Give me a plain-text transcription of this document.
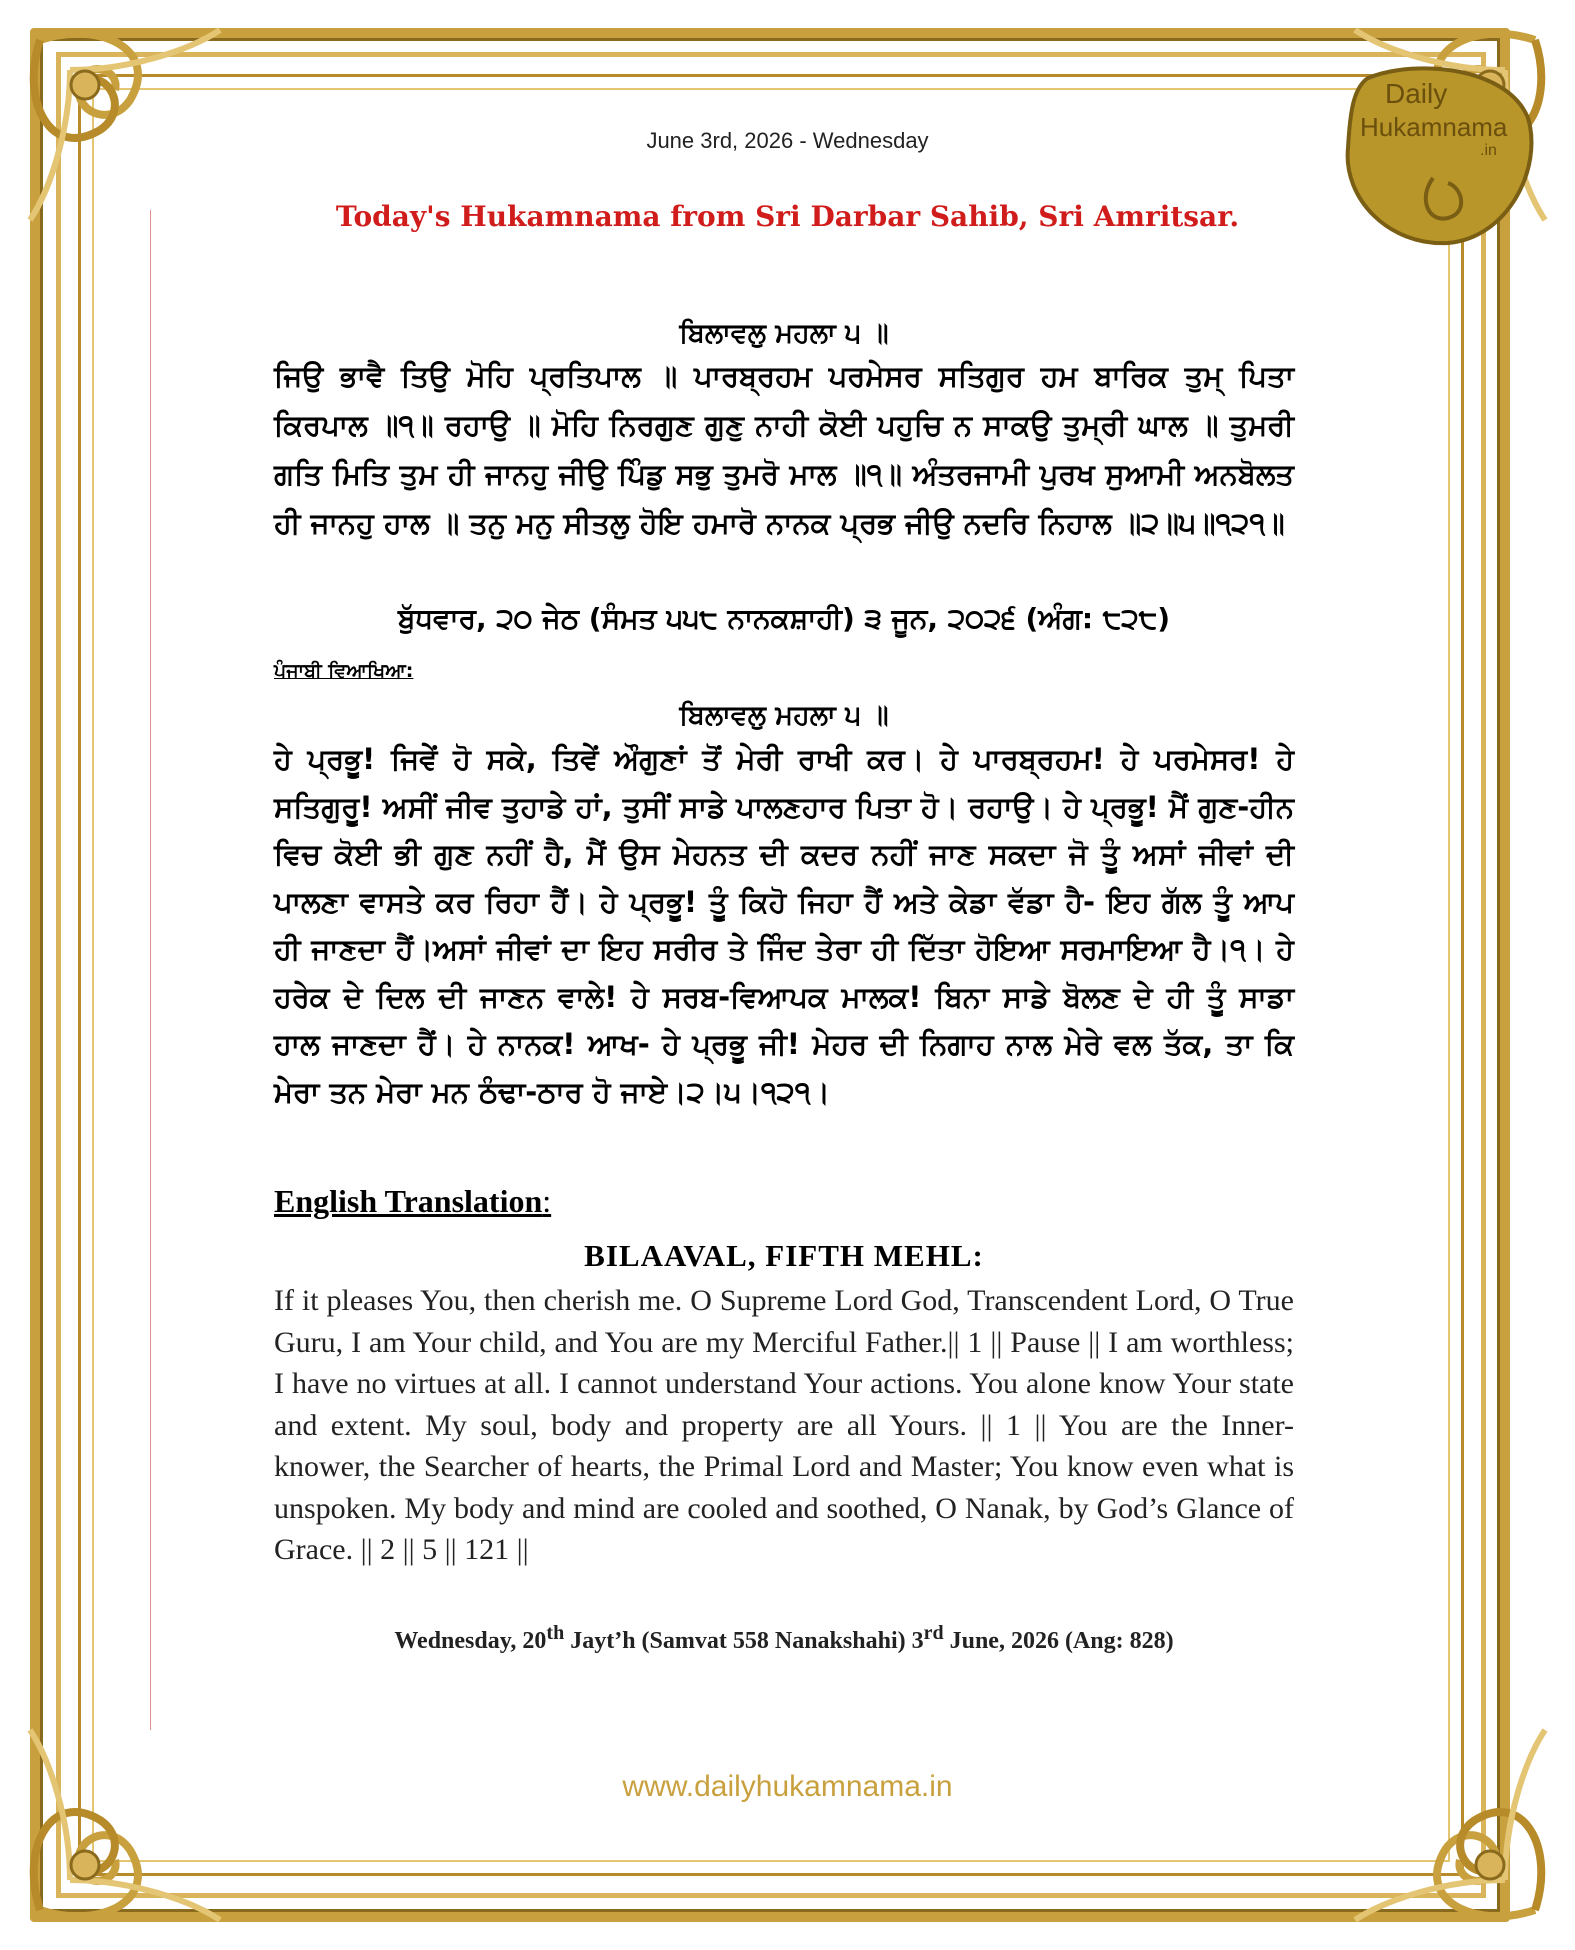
Daily
Hukamnama
.in
June 3rd, 2026 - Wednesday
Today's Hukamnama from Sri Darbar Sahib, Sri Amritsar.
ਬਿਲਾਵਲੁ ਮਹਲਾ ੫ ॥
ਜਿਉ ਭਾਵੈ ਤਿਉ ਮੋਹਿ ਪ੍ਰਤਿਪਾਲ ॥ ਪਾਰਬ੍ਰਹਮ ਪਰਮੇਸਰ ਸਤਿਗੁਰ ਹਮ ਬਾਰਿਕ ਤੁਮ੍ ਪਿਤਾ ਕਿਰਪਾਲ ॥੧॥ ਰਹਾਉ ॥ ਮੋਹਿ ਨਿਰਗੁਣ ਗੁਣੁ ਨਾਹੀ ਕੋਈ ਪਹੁਚਿ ਨ ਸਾਕਉ ਤੁਮ੍ਰੀ ਘਾਲ ॥ ਤੁਮਰੀ ਗਤਿ ਮਿਤਿ ਤੁਮ ਹੀ ਜਾਨਹੁ ਜੀਉ ਪਿੰਡੁ ਸਭੁ ਤੁਮਰੋ ਮਾਲ ॥੧॥ ਅੰਤਰਜਾਮੀ ਪੁਰਖ ਸੁਆਮੀ ਅਨਬੋਲਤ ਹੀ ਜਾਨਹੁ ਹਾਲ ॥ ਤਨੁ ਮਨੁ ਸੀਤਲੁ ਹੋਇ ਹਮਾਰੋ ਨਾਨਕ ਪ੍ਰਭ ਜੀਉ ਨਦਰਿ ਨਿਹਾਲ ॥੨॥੫॥੧੨੧॥
ਬੁੱਧਵਾਰ, ੨੦ ਜੇਠ (ਸੰਮਤ ੫੫੮ ਨਾਨਕਸ਼ਾਹੀ) ੩ ਜੂਨ, ੨੦੨੬ (ਅੰਗ: ੮੨੮)
ਪੰਜਾਬੀ ਵਿਆਖਿਆ:
ਬਿਲਾਵਲੁ ਮਹਲਾ ੫ ॥
ਹੇ ਪ੍ਰਭੂ! ਜਿਵੇਂ ਹੋ ਸਕੇ, ਤਿਵੇਂ ਔਗੁਣਾਂ ਤੋਂ ਮੇਰੀ ਰਾਖੀ ਕਰ। ਹੇ ਪਾਰਬ੍ਰਹਮ! ਹੇ ਪਰਮੇਸਰ! ਹੇ ਸਤਿਗੁਰੂ! ਅਸੀਂ ਜੀਵ ਤੁਹਾਡੇ ਹਾਂ, ਤੁਸੀਂ ਸਾਡੇ ਪਾਲਣਹਾਰ ਪਿਤਾ ਹੋ। ਰਹਾਉ। ਹੇ ਪ੍ਰਭੂ! ਮੈਂ ਗੁਣ-ਹੀਨ ਵਿਚ ਕੋਈ ਭੀ ਗੁਣ ਨਹੀਂ ਹੈ, ਮੈਂ ਉਸ ਮੇਹਨਤ ਦੀ ਕਦਰ ਨਹੀਂ ਜਾਣ ਸਕਦਾ ਜੋ ਤੂੰ ਅਸਾਂ ਜੀਵਾਂ ਦੀ ਪਾਲਣਾ ਵਾਸਤੇ ਕਰ ਰਿਹਾ ਹੈਂ। ਹੇ ਪ੍ਰਭੂ! ਤੂੰ ਕਿਹੋ ਜਿਹਾ ਹੈਂ ਅਤੇ ਕੇਡਾ ਵੱਡਾ ਹੈ- ਇਹ ਗੱਲ ਤੂੰ ਆਪ ਹੀ ਜਾਣਦਾ ਹੈਂ।ਅਸਾਂ ਜੀਵਾਂ ਦਾ ਇਹ ਸਰੀਰ ਤੇ ਜਿੰਦ ਤੇਰਾ ਹੀ ਦਿੱਤਾ ਹੋਇਆ ਸਰਮਾਇਆ ਹੈ।੧। ਹੇ ਹਰੇਕ ਦੇ ਦਿਲ ਦੀ ਜਾਣਨ ਵਾਲੇ! ਹੇ ਸਰਬ-ਵਿਆਪਕ ਮਾਲਕ! ਬਿਨਾ ਸਾਡੇ ਬੋਲਣ ਦੇ ਹੀ ਤੂੰ ਸਾਡਾ ਹਾਲ ਜਾਣਦਾ ਹੈਂ। ਹੇ ਨਾਨਕ! ਆਖ- ਹੇ ਪ੍ਰਭੂ ਜੀ! ਮੇਹਰ ਦੀ ਨਿਗਾਹ ਨਾਲ ਮੇਰੇ ਵਲ ਤੱਕ, ਤਾ ਕਿ ਮੇਰਾ ਤਨ ਮੇਰਾ ਮਨ ਠੰਢਾ-ਠਾਰ ਹੋ ਜਾਏ।੨।੫।੧੨੧।
English Translation:
BILAAVAL, FIFTH MEHL:
If it pleases You, then cherish me. O Supreme Lord God, Transcendent Lord, O True Guru, I am Your child, and You are my Merciful Father.|| 1 || Pause || I am worthless; I have no virtues at all. I cannot understand Your actions. You alone know Your state and extent. My soul, body and property are all Yours. || 1 || You are the Inner-knower, the Searcher of hearts, the Primal Lord and Master; You know even what is unspoken. My body and mind are cooled and soothed, O Nanak, by God’s Glance of Grace. || 2 || 5 || 121 ||
Wednesday, 20th Jayt’h (Samvat 558 Nanakshahi) 3rd June, 2026 (Ang: 828)
www.dailyhukamnama.in
